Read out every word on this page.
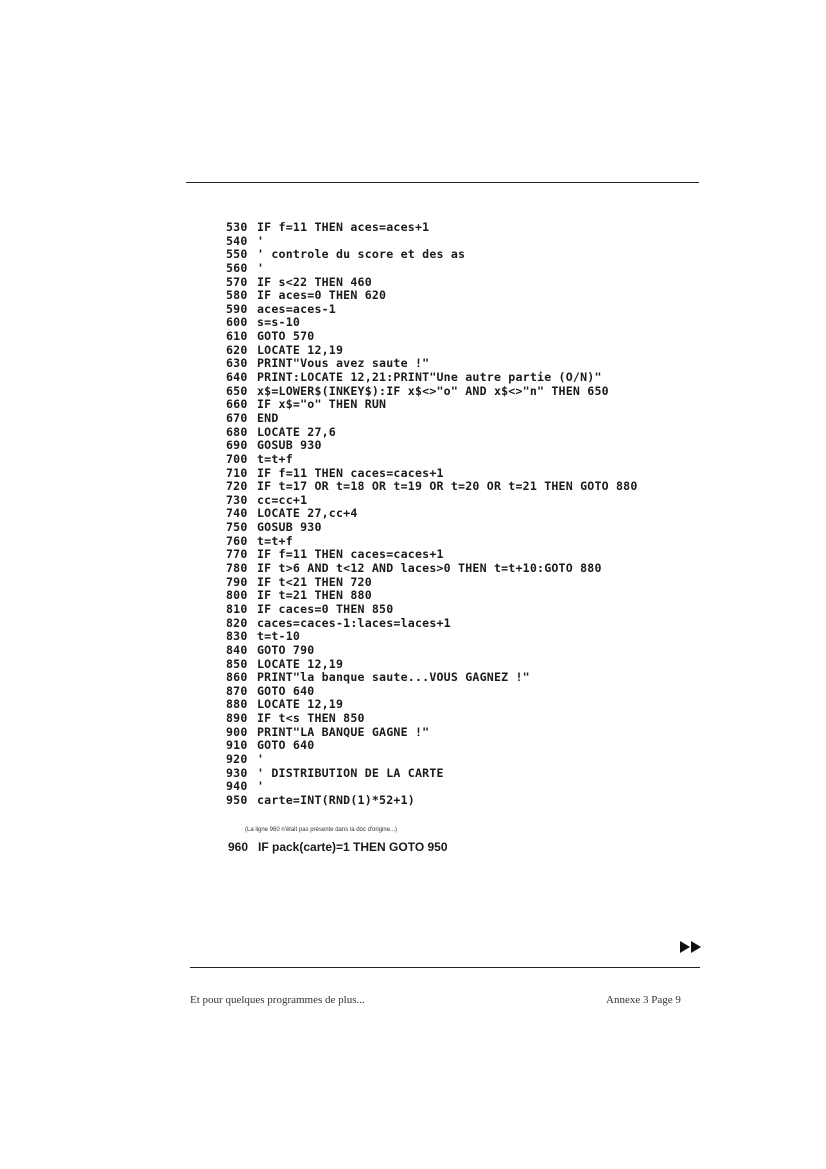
530 IF f=11 THEN aces=aces+1
540 '
550 ' controle du score et des as
560 '
570 IF s<22 THEN 460
580 IF aces=0 THEN 620
590 aces=aces-1
600 s=s-10
610 GOTO 570
620 LOCATE 12,19
630 PRINT"Vous avez saute !"
640 PRINT:LOCATE 12,21:PRINT"Une autre partie (O/N)"
650 x$=LOWER$(INKEY$):IF x$<>"o" AND x$<>"n" THEN 650
660 IF x$="o" THEN RUN
670 END
680 LOCATE 27,6
690 GOSUB 930
700 t=t+f
710 IF f=11 THEN caces=caces+1
720 IF t=17 OR t=18 OR t=19 OR t=20 OR t=21 THEN GOTO 880
730 cc=cc+1
740 LOCATE 27,cc+4
750 GOSUB 930
760 t=t+f
770 IF f=11 THEN caces=caces+1
780 IF t>6 AND t<12 AND laces>0 THEN t=t+10:GOTO 880
790 IF t<21 THEN 720
800 IF t=21 THEN 880
810 IF caces=0 THEN 850
820 caces=caces-1:laces=laces+1
830 t=t-10
840 GOTO 790
850 LOCATE 12,19
860 PRINT"la banque saute...VOUS GAGNEZ !"
870 GOTO 640
880 LOCATE 12,19
890 IF t<s THEN 850
900 PRINT"LA BANQUE GAGNE !"
910 GOTO 640
920 '
930 ' DISTRIBUTION DE LA CARTE
940 '
950 carte=INT(RND(1)*52+1)
(La ligne 960 n'était pas présente dans la doc d'origine...)
960 IF pack(carte)=1 THEN GOTO 950
Et pour quelques programmes de plus...	Annexe 3 Page 9
